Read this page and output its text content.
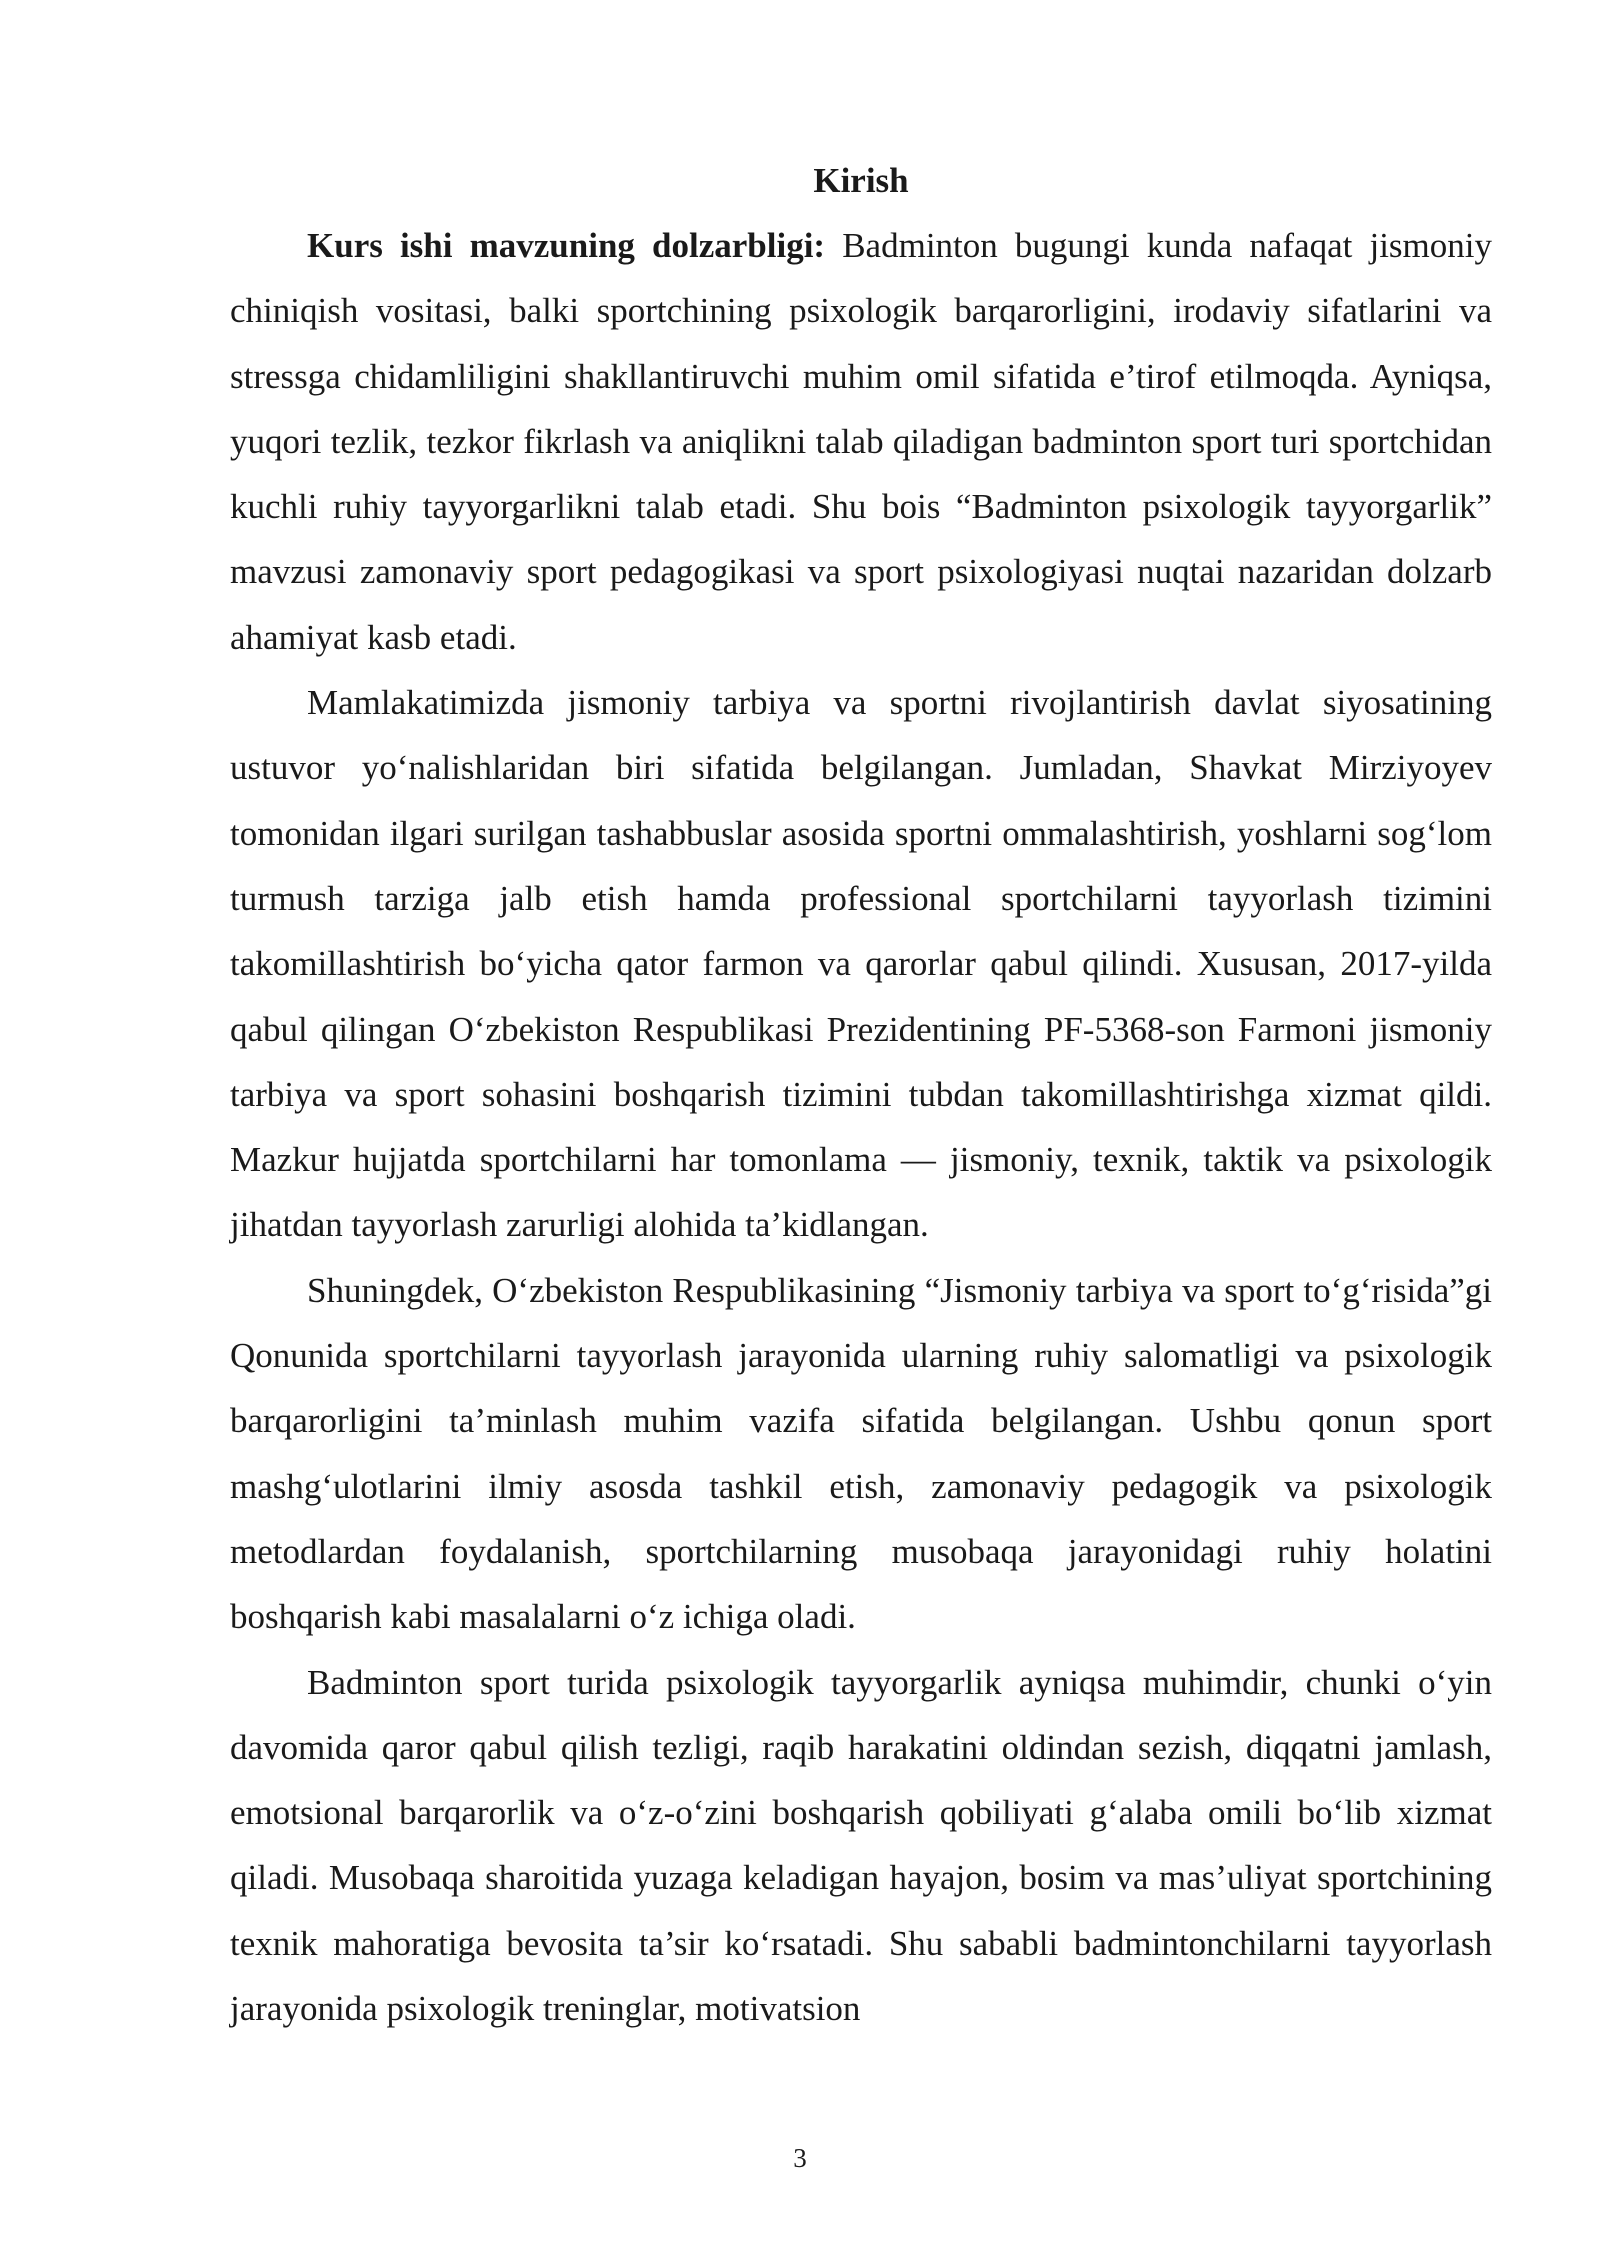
Kirish

Kurs ishi mavzuning dolzarbligi: Badminton bugungi kunda nafaqat jismoniy chiniqish vositasi, balki sportchining psixologik barqarorligini, irodaviy sifatlarini va stressga chidamliligini shakllantiruvchi muhim omil sifatida e’tirof etilmoqda. Ayniqsa, yuqori tezlik, tezkor fikrlash va aniqlikni talab qiladigan badminton sport turi sportchidan kuchli ruhiy tayyorgarlikni talab etadi. Shu bois “Badminton psixologik tayyorgarlik” mavzusi zamonaviy sport pedagogikasi va sport psixologiyasi nuqtai nazaridan dolzarb ahamiyat kasb etadi.

Mamlakatimizda jismoniy tarbiya va sportni rivojlantirish davlat siyosatining ustuvor yo‘nalishlaridan biri sifatida belgilangan. Jumladan, Shavkat Mirziyoyev tomonidan ilgari surilgan tashabbuslar asosida sportni ommalashtirish, yoshlarni sog‘lom turmush tarziga jalb etish hamda professional sportchilarni tayyorlash tizimini takomillashtirish bo‘yicha qator farmon va qarorlar qabul qilindi. Xususan, 2017-yilda qabul qilingan O‘zbekiston Respublikasi Prezidentining PF-5368-son Farmoni jismoniy tarbiya va sport sohasini boshqarish tizimini tubdan takomillashtirishga xizmat qildi. Mazkur hujjatda sportchilarni har tomonlama — jismoniy, texnik, taktik va psixologik jihatdan tayyorlash zarurligi alohida ta’kidlangan.

Shuningdek, O‘zbekiston Respublikasining “Jismoniy tarbiya va sport to‘g‘risida”gi Qonunida sportchilarni tayyorlash jarayonida ularning ruhiy salomatligi va psixologik barqarorligini ta’minlash muhim vazifa sifatida belgilangan. Ushbu qonun sport mashg‘ulotlarini ilmiy asosda tashkil etish, zamonaviy pedagogik va psixologik metodlardan foydalanish, sportchilarning musobaqa jarayonidagi ruhiy holatini boshqarish kabi masalalarni o‘z ichiga oladi.

Badminton sport turida psixologik tayyorgarlik ayniqsa muhimdir, chunki o‘yin davomida qaror qabul qilish tezligi, raqib harakatini oldindan sezish, diqqatni jamlash, emotsional barqarorlik va o‘z-o‘zini boshqarish qobiliyati g‘alaba omili bo‘lib xizmat qiladi. Musobaqa sharoitida yuzaga keladigan hayajon, bosim va mas’uliyat sportchining texnik mahoratiga bevosita ta’sir ko‘rsatadi. Shu sababli badmintonchilarni tayyorlash jarayonida psixologik treninglar, motivatsion

3
